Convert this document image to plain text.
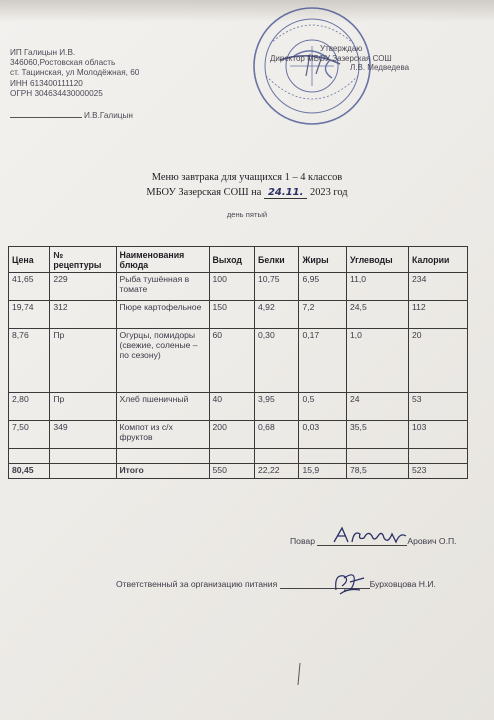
ИП Галицын И.В.
346060,Ростовская область
ст. Тацинская, ул Молодёжная, 60
ИНН 613400111120
ОГРН 304634430000025
И.В.Галицын
Утверждаю
Директор МБОУ Зазерская СОШ
Л.В. Медведева
Меню завтрака для учащихся 1 – 4 классов
МБОУ Зазерская СОШ на 24.11. 2023 год
день пятый
Цена	№ рецептуры	Наименования блюда	Выход	Белки	Жиры	Углеводы	Калории
41,65	229	Рыба тушённая в томате	100	10,75	6,95	11,0	234
19,74	312	Пюре картофельное	150	4,92	7,2	24,5	112
8,76	Пр	Огурцы, помидоры (свежие, соленые – по сезону)	60	0,30	0,17	1,0	20
2,80	Пр	Хлеб пшеничный	40	3,95	0,5	24	53
7,50	349	Компот из с/х фруктов	200	0,68	0,03	35,5	103

80,45		Итого	550	22,22	15,9	78,5	523
Повар	Арович О.П.
Ответственный за организацию питания	Бурховцова Н.И.
